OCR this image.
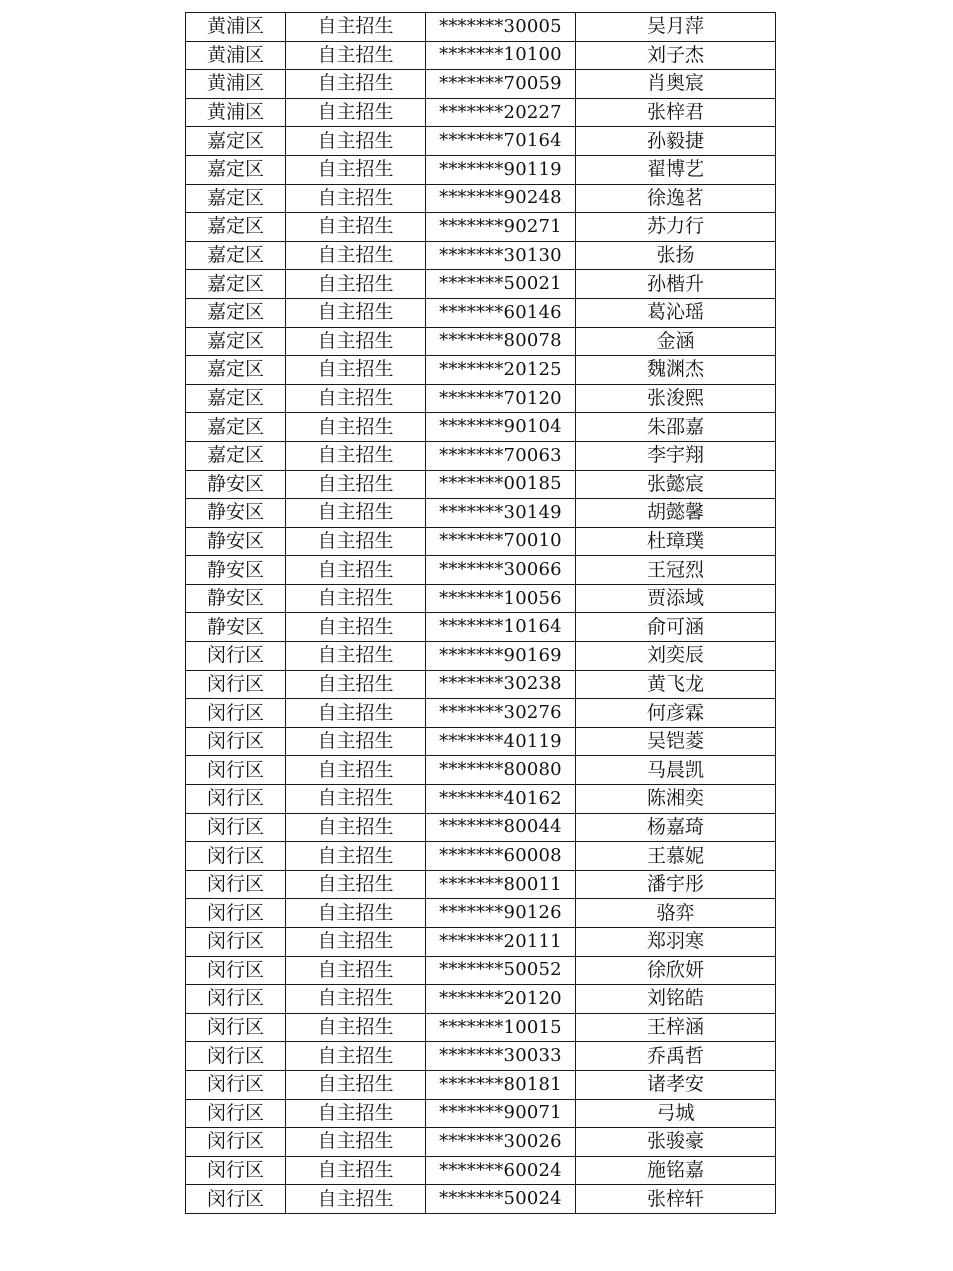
黄浦区	自主招生	*******30005	吴月萍
黄浦区	自主招生	*******10100	刘子杰
黄浦区	自主招生	*******70059	肖奥宸
黄浦区	自主招生	*******20227	张梓君
嘉定区	自主招生	*******70164	孙毅捷
嘉定区	自主招生	*******90119	翟博艺
嘉定区	自主招生	*******90248	徐逸茗
嘉定区	自主招生	*******90271	苏力行
嘉定区	自主招生	*******30130	张扬
嘉定区	自主招生	*******50021	孙楷升
嘉定区	自主招生	*******60146	葛沁瑶
嘉定区	自主招生	*******80078	金涵
嘉定区	自主招生	*******20125	魏渊杰
嘉定区	自主招生	*******70120	张浚熙
嘉定区	自主招生	*******90104	朱邵嘉
嘉定区	自主招生	*******70063	李宇翔
静安区	自主招生	*******00185	张懿宸
静安区	自主招生	*******30149	胡懿馨
静安区	自主招生	*******70010	杜璋璞
静安区	自主招生	*******30066	王冠烈
静安区	自主招生	*******10056	贾添域
静安区	自主招生	*******10164	俞可涵
闵行区	自主招生	*******90169	刘奕辰
闵行区	自主招生	*******30238	黄飞龙
闵行区	自主招生	*******30276	何彦霖
闵行区	自主招生	*******40119	吴铠菱
闵行区	自主招生	*******80080	马晨凯
闵行区	自主招生	*******40162	陈湘奕
闵行区	自主招生	*******80044	杨嘉琦
闵行区	自主招生	*******60008	王慕妮
闵行区	自主招生	*******80011	潘宇彤
闵行区	自主招生	*******90126	骆弈
闵行区	自主招生	*******20111	郑羽寒
闵行区	自主招生	*******50052	徐欣妍
闵行区	自主招生	*******20120	刘铭皓
闵行区	自主招生	*******10015	王梓涵
闵行区	自主招生	*******30033	乔禹哲
闵行区	自主招生	*******80181	诸孝安
闵行区	自主招生	*******90071	弓城
闵行区	自主招生	*******30026	张骏豪
闵行区	自主招生	*******60024	施铭嘉
闵行区	自主招生	*******50024	张梓轩
